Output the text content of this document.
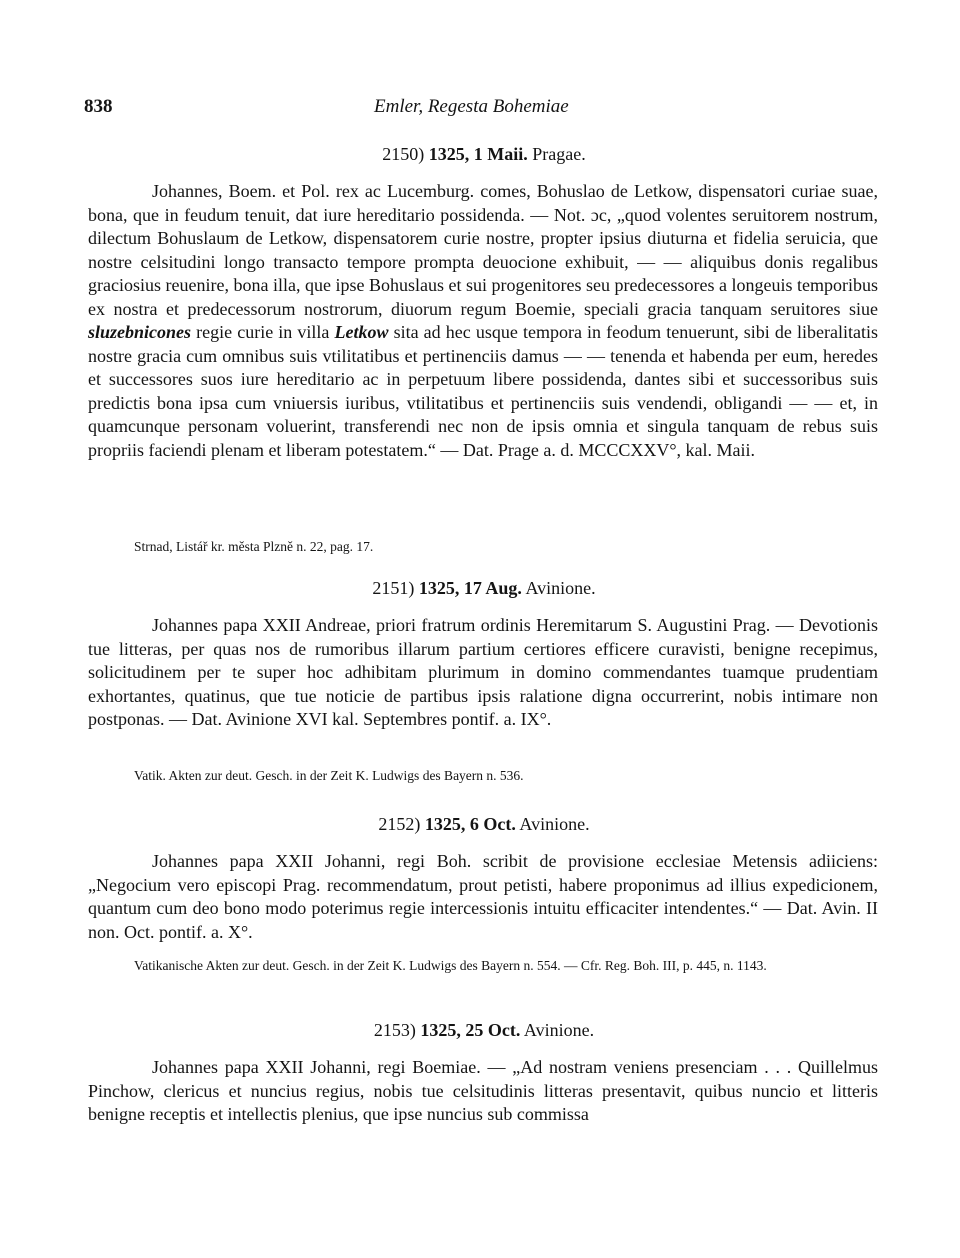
838	Emler, Regesta Bohemiae
2150) 1325, 1 Maii. Pragae.

Johannes, Boem. et Pol. rex ac Lucemburg. comes, Bohuslao de Letkow, dispensatori curiae suae, bona, que in feudum tenuit, dat iure hereditario possidenda. — Not. ɔc, „quod volentes seruitorem nostrum, dilectum Bohuslaum de Letkow, dispensatorem curie nostre, propter ipsius diuturna et fidelia seruicia, que nostre celsitudini longo transacto tempore prompta deuocione exhibuit, — — aliquibus donis regalibus graciosius reuenire, bona illa, que ipse Bohuslaus et sui progenitores seu predecessores a longeuis temporibus ex nostra et predecessorum nostrorum, diuorum regum Boemie, speciali gracia tanquam seruitores siue sluzebnicones regie curie in villa Letkow sita ad hec usque tempora in feodum tenuerunt, sibi de liberalitatis nostre gracia cum omnibus suis vtilitatibus et pertinenciis damus — — tenenda et habenda per eum, heredes et successores suos iure hereditario ac in perpetuum libere possidenda, dantes sibi et successoribus suis predictis bona ipsa cum vniuersis iuribus, vtilitatibus et pertinenciis suis vendendi, obligandi — — et, in quamcunque personam voluerint, transferendi nec non de ipsis omnia et singula tanquam de rebus suis propriis faciendi plenam et liberam potestatem.“ — Dat. Prage a. d. MCCCXXV°, kal. Maii.

Strnad, Listář kr. města Plzně n. 22, pag. 17.

2151) 1325, 17 Aug. Avinione.

Johannes papa XXII Andreae, priori fratrum ordinis Heremitarum S. Augustini Prag. — Devotionis tue litteras, per quas nos de rumoribus illarum partium certiores efficere curavisti, benigne recepimus, solicitudinem per te super hoc adhibitam plurimum in domino commendantes tuamque prudentiam exhortantes, quatinus, que tue noticie de partibus ipsis ralatione digna occurrerint, nobis intimare non postponas. — Dat. Avinione XVI kal. Septembres pontif. a. IX°.

Vatik. Akten zur deut. Gesch. in der Zeit K. Ludwigs des Bayern n. 536.

2152) 1325, 6 Oct. Avinione.

Johannes papa XXII Johanni, regi Boh. scribit de provisione ecclesiae Metensis adiiciens: „Negocium vero episcopi Prag. recommendatum, prout petisti, habere proponimus ad illius expedicionem, quantum cum deo bono modo poterimus regie intercessionis intuitu efficaciter intendentes.“ — Dat. Avin. II non. Oct. pontif. a. X°.

Vatikanische Akten zur deut. Gesch. in der Zeit K. Ludwigs des Bayern n. 554. — Cfr. Reg. Boh. III, p. 445, n. 1143.

2153) 1325, 25 Oct. Avinione.

Johannes papa XXII Johanni, regi Boemiae. — „Ad nostram veniens presenciam . . . Quillelmus Pinchow, clericus et nuncius regius, nobis tue celsitudinis litteras presentavit, quibus nuncio et litteris benigne receptis et intellectis plenius, que ipse nuncius sub commissa
